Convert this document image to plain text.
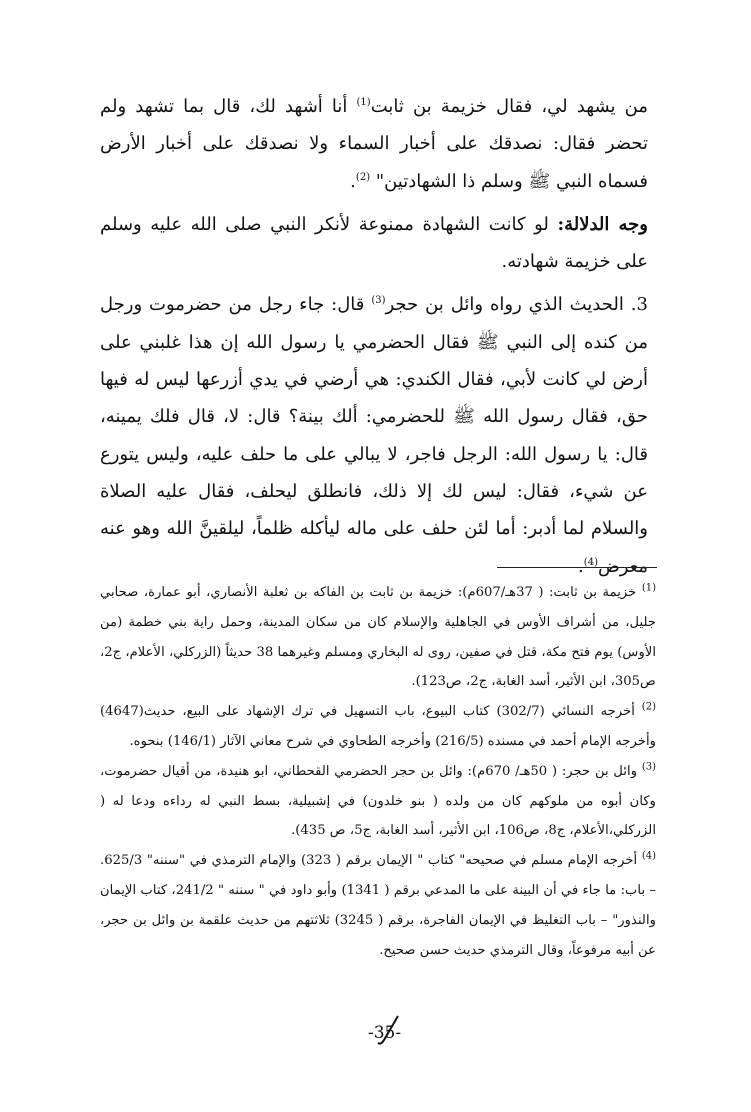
من يشهد لي، فقال خزيمة بن ثابت$^{(1)}$ أنا أشهد لك، قال بما تشهد ولم تحضر فقال: نصدقك على أخبار السماء ولا نصدقك على أخبار الأرض فسماه النبي ﷺ وسلم ذا الشهادتين" $^{(2)}$.

وجه الدلالة: لو كانت الشهادة ممنوعة لأنكر النبي صلى الله عليه وسلم على خزيمة شهادته.

3. الحديث الذي رواه وائل بن حجر$^{(3)}$ قال: جاء رجل من حضرموت ورجل من كنده إلى النبي ﷺ فقال الحضرمي يا رسول الله إن هذا غلبني على أرض لي كانت لأبي، فقال الكندي: هي أرضي في يدي أزرعها ليس له فيها حق، فقال رسول الله ﷺ للحضرمي: ألك بينة؟ قال: لا، قال فلك يمينه، قال: يا رسول الله: الرجل فاجر، لا يبالي على ما حلف عليه، وليس يتورع عن شيء، فقال: ليس لك إلا ذلك، فانطلق ليحلف، فقال عليه الصلاة والسلام لما أدبر: أما لئن حلف على ماله ليأكله ظلماً، ليلقينَّ الله وهو عنه معرض$^{(4)}$.

$^{(1)}$ خزيمة بن ثابت: ( 37هـ/607م): خزيمة بن ثابت بن الفاكه بن ثعلبة الأنصاري، أبو عمارة، صحابي جليل، من أشراف الأوس في الجاهلية والإسلام كان من سكان المدينة، وحمل راية بني خطمة (من الأوس) يوم فتح مكة، قتل في صفين، روى له البخاري ومسلم وغيرهما 38 حديثاً (الزركلي، الأعلام، ج2، ص305، ابن الأثير، أسد الغابة، ج2، ص123).

$^{(2)}$ أخرجه النسائي (302/7) كتاب البيوع، باب التسهيل في ترك الإشهاد على البيع، حديث(4647) وأخرجه الإمام أحمد في مسنده (216/5) وأخرجه الطحاوي في شرح معاني الآثار (146/1) بنحوه.

$^{(3)}$ وائل بن حجر: ( 50هـ/ 670م): وائل بن حجر الحضرمي القحطاني، ابو هنيدة، من أقيال حضرموت، وكان أبوه من ملوكهم كان من ولده ( بنو خلدون) في إشبيلية، بسط النبي له رداءه ودعا له ( الزركلي،الأعلام، ج8، ص106، ابن الأثير، أسد الغابة، ج5، ص 435).

$^{(4)}$ أخرجه الإمام مسلم في صحيحه" كتاب " الإيمان برقم ( 323) والإمام الترمذي في "سننه" 625/3. – باب: ما جاء في أن البينة على ما المدعي برقم ( 1341) وأبو داود في " سننه " 241/2، كتاب الإيمان والنذور" – باب التغليظ في الإيمان الفاجرة، برقم ( 3245) ثلاثتهم من حديث علقمة بن وائل بن حجر، عن أبيه مرفوعاً، وقال الترمذي حديث حسن صحيح.

-35-
